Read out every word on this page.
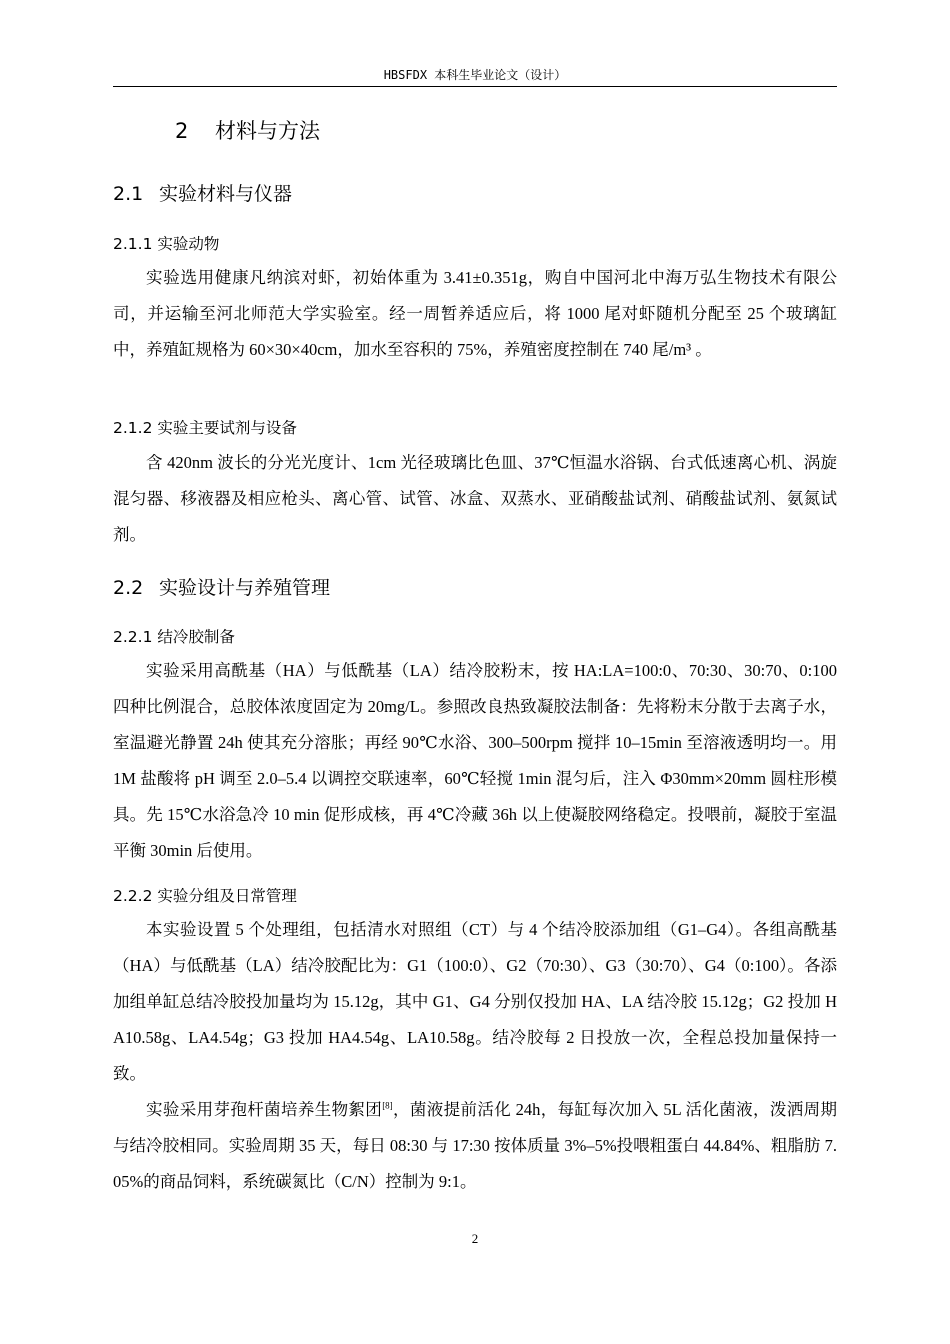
HBSFDX 本科生毕业论文（设计）
2 材料与方法
2.1 实验材料与仪器
2.1.1 实验动物
实验选用健康凡纳滨对虾，初始体重为 3.41±0.351g，购自中国河北中海万弘生物技术有限公司，并运输至河北师范大学实验室。经一周暂养适应后，将 1000 尾对虾随机分配至 25 个玻璃缸中，养殖缸规格为 60×30×40cm，加水至容积的 75%，养殖密度控制在 740 尾/m³ 。
2.1.2 实验主要试剂与设备
含 420nm 波长的分光光度计、1cm 光径玻璃比色皿、37℃恒温水浴锅、台式低速离心机、涡旋混匀器、移液器及相应枪头、离心管、试管、冰盒、双蒸水、亚硝酸盐试剂、硝酸盐试剂、氨氮试剂。
2.2 实验设计与养殖管理
2.2.1 结冷胶制备
实验采用高酰基（HA）与低酰基（LA）结冷胶粉末，按 HA:LA=100:0、70:30、30:70、0:100 四种比例混合，总胶体浓度固定为 20mg/L。参照改良热致凝胶法制备：先将粉末分散于去离子水，室温避光静置 24h 使其充分溶胀；再经 90℃水浴、300–500rpm 搅拌 10–15min 至溶液透明均一。用 1M 盐酸将 pH 调至 2.0–5.4 以调控交联速率，60℃轻搅 1min 混匀后，注入 Φ30mm×20mm 圆柱形模具。先 15℃水浴急冷 10 min 促形成核，再 4℃冷藏 36h 以上使凝胶网络稳定。投喂前，凝胶于室温平衡 30min 后使用。
2.2.2 实验分组及日常管理
本实验设置 5 个处理组，包括清水对照组（CT）与 4 个结冷胶添加组（G1–G4）。各组高酰基（HA）与低酰基（LA）结冷胶配比为：G1（100:0）、G2（70:30）、G3（30:70）、G4（0:100）。各添加组单缸总结冷胶投加量均为 15.12g，其中 G1、G4 分别仅投加 HA、LA 结冷胶 15.12g；G2 投加 HA10.58g、LA4.54g；G3 投加 HA4.54g、LA10.58g。结冷胶每 2 日投放一次，全程总投加量保持一致。
实验采用芽孢杆菌培养生物絮团[8]，菌液提前活化 24h，每缸每次加入 5L 活化菌液，泼洒周期与结冷胶相同。实验周期 35 天，每日 08:30 与 17:30 按体质量 3%–5%投喂粗蛋白 44.84%、粗脂肪 7.05%的商品饲料，系统碳氮比（C/N）控制为 9:1。
2
